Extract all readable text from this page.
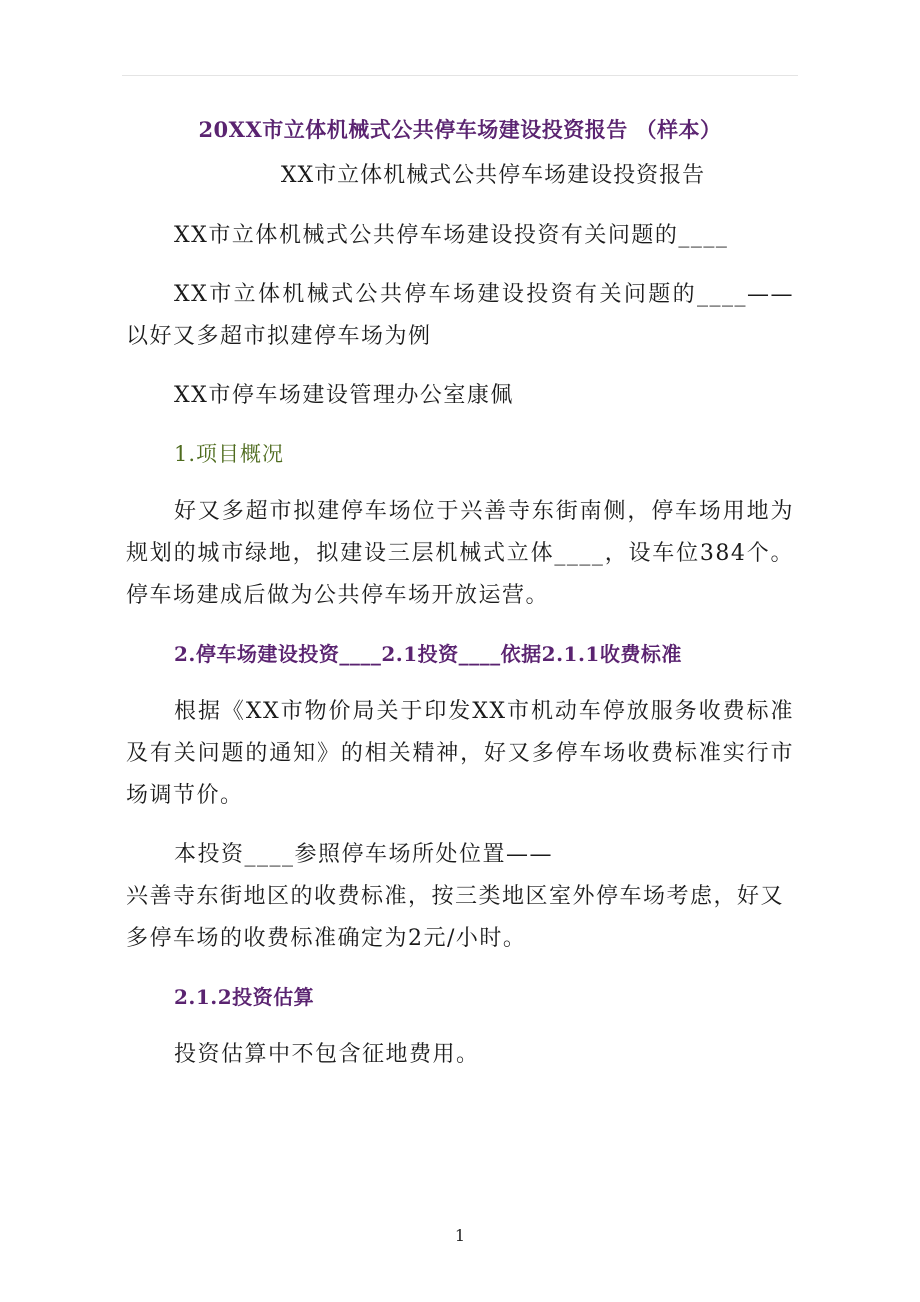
20XX市立体机械式公共停车场建设投资报告 （样本）

XX市立体机械式公共停车场建设投资报告

XX市立体机械式公共停车场建设投资有关问题的____

XX市立体机械式公共停车场建设投资有关问题的____——以好又多超市拟建停车场为例

XX市停车场建设管理办公室康佩

1.项目概况

好又多超市拟建停车场位于兴善寺东街南侧，停车场用地为规划的城市绿地，拟建设三层机械式立体____，设车位384个。停车场建成后做为公共停车场开放运营。

2.停车场建设投资____2.1投资____依据2.1.1收费标准

根据《XX市物价局关于印发XX市机动车停放服务收费标准及有关问题的通知》的相关精神，好又多停车场收费标准实行市场调节价。

本投资____参照停车场所处位置——
兴善寺东街地区的收费标准，按三类地区室外停车场考虑，好又多停车场的收费标准确定为2元/小时。

2.1.2投资估算

投资估算中不包含征地费用。

1
